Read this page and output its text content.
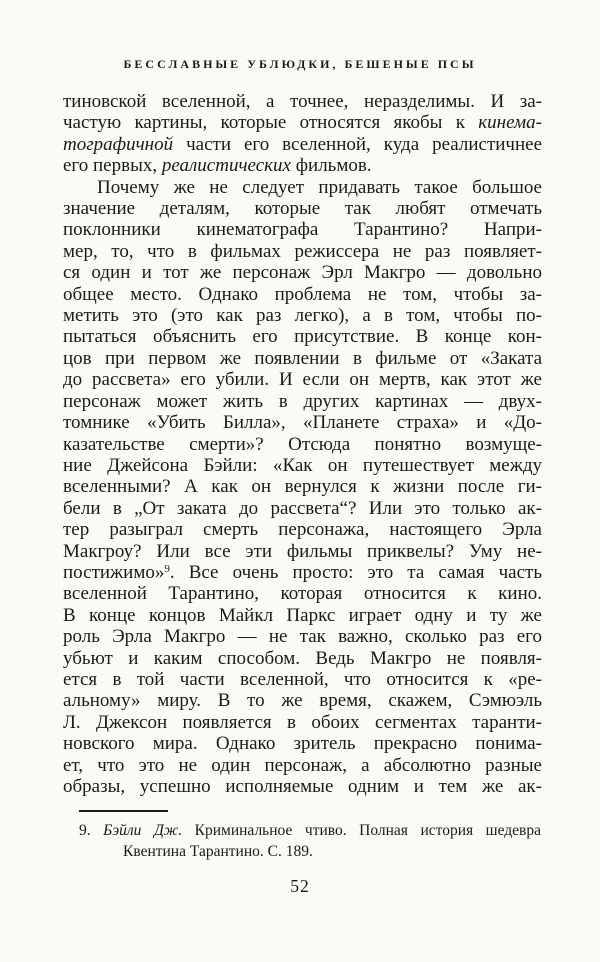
БЕССЛАВНЫЕ УБЛЮДКИ, БЕШЕНЫЕ ПСЫ
тиновской вселенной, а точнее, неразделимы. И за-
частую картины, которые относятся якобы к кинема-
тографичной части его вселенной, куда реалистичнее
его первых, реалистических фильмов.
Почему же не следует придавать такое большое
значение деталям, которые так любят отмечать
поклонники кинематографа Тарантино? Напри-
мер, то, что в фильмах режиссера не раз появляет-
ся один и тот же персонаж Эрл Макгро — довольно
общее место. Однако проблема не том, чтобы за-
метить это (это как раз легко), а в том, чтобы по-
пытаться объяснить его присутствие. В конце кон-
цов при первом же появлении в фильме от «Заката
до рассвета» его убили. И если он мертв, как этот же
персонаж может жить в других картинах — двух-
томнике «Убить Билла», «Планете страха» и «До-
казательстве смерти»? Отсюда понятно возмуще-
ние Джейсона Бэйли: «Как он путешествует между
вселенными? А как он вернулся к жизни после ги-
бели в „От заката до рассвета“? Или это только ак-
тер разыграл смерть персонажа, настоящего Эрла
Макгроу? Или все эти фильмы приквелы? Уму не-
постижимо»$^9$. Все очень просто: это та самая часть
вселенной Тарантино, которая относится к кино.
В конце концов Майкл Паркс играет одну и ту же
роль Эрла Макгро — не так важно, сколько раз его
убьют и каким способом. Ведь Макгро не появля-
ется в той части вселенной, что относится к «ре-
альному» миру. В то же время, скажем, Сэмюэль
Л. Джексон появляется в обоих сегментах таранти-
новского мира. Однако зритель прекрасно понима-
ет, что это не один персонаж, а абсолютно разные
образы, успешно исполняемые одним и тем же ак-
9. Бэйли Дж. Криминальное чтиво. Полная история шедевра
Квентина Тарантино. С. 189.
52
